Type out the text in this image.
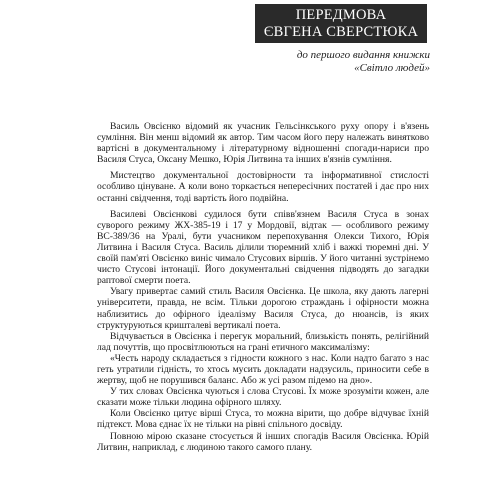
ПЕРЕДМОВА
ЄВГЕНА СВЕРСТЮКА
до першого видання книжки
«Світло людей»

Василь Овсієнко відомий як учасник Гельсінкського руху опору і в'язень сумління. Він менш відомий як автор. Тим часом його перу належать винятково вартісні в документальному і літературному відношенні спогади-нариси про Василя Стуса, Оксану Мешко, Юрія Литвина та інших в'язнів сумління.

Мистецтво документальної достовірности та інформативної стислості особливо цінуване. А коли воно торкається непересічних постатей і дає про них останні свідчення, тоді вартість його подвійна.

Василеві Овсієнкові судилося бути співв'язнем Василя Стуса в зонах суворого режиму ЖХ-385-19 і 17 у Мордовії, відтак — особливого режиму ВС-389/36 на Уралі, бути учасником перепохування Олекси Тихого, Юрія Литвина і Василя Стуса. Василь ділили тюремний хліб і важкі тюремні дні. У своїй пам'яті Овсієнко виніс чимало Стусових віршів. У його читанні зустрінемо чисто Стусові інтонації. Його документальні свідчення підводять до загадки раптової смерти поета.

Увагу привертає самий стиль Василя Овсієнка. Це школа, яку дають лагерні університети, правда, не всім. Тільки дорогою страждань і офірности можна наблизитись до офірного ідеалізму Василя Стуса, до нюансів, із яких структуруються кришталеві вертикалі поета.

Відчувається в Овсієнка і перегук моральний, близькість понять, релігійний лад почуттів, що просвітлюються на грані етичного максималізму:

«Честь народу складається з гідности кожного з нас. Коли надто багато з нас геть утратили гідність, то хтось мусить докладати надзусиль, приносити себе в жертву, щоб не порушився баланс. Або ж усі разом підемо на дно».

У тих словах Овсієнка чуються і слова Стусові. Їх може зрозуміти кожен, але сказати може тільки людина офірного шляху.

Коли Овсієнко цитує вірші Стуса, то можна вірити, що добре відчуває їхній підтекст. Мова єднає їх не тільки на рівні спільного досвіду.

Повною мірою сказане стосується й інших спогадів Василя Овсієнка. Юрій Литвин, наприклад, є людиною такого самого плану.
